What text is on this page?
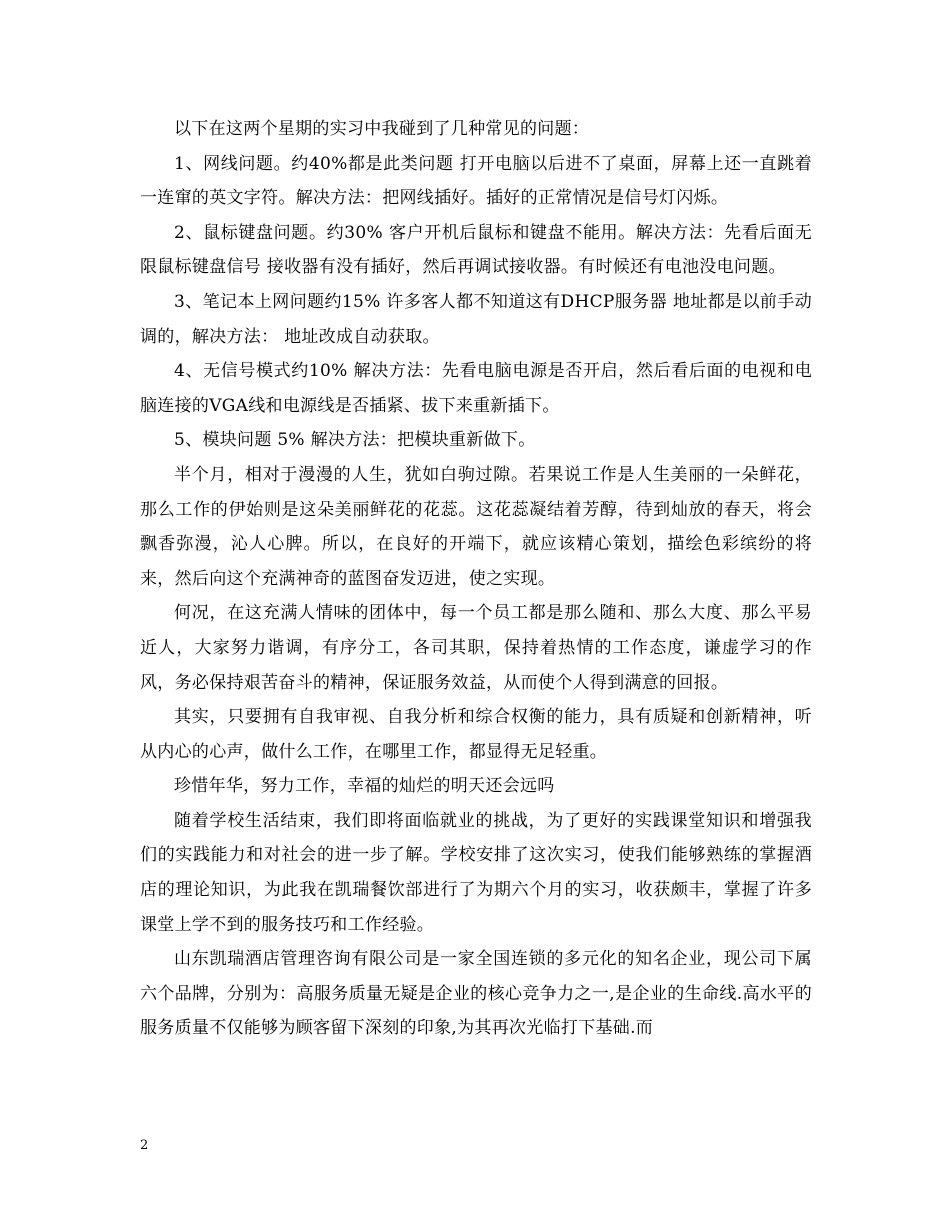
以下在这两个星期的实习中我碰到了几种常见的问题：

1、网线问题。约40%都是此类问题 打开电脑以后进不了桌面，屏幕上还一直跳着一连窜的英文字符。解决方法：把网线插好。插好的正常情况是信号灯闪烁。

2、鼠标键盘问题。约30% 客户开机后鼠标和键盘不能用。解决方法：先看后面无限鼠标键盘信号 接收器有没有插好，然后再调试接收器。有时候还有电池没电问题。

3、笔记本上网问题约15% 许多客人都不知道这有DHCP服务器 地址都是以前手动调的，解决方法： 地址改成自动获取。

4、无信号模式约10% 解决方法：先看电脑电源是否开启，然后看后面的电视和电脑连接的VGA线和电源线是否插紧、拔下来重新插下。

5、模块问题 5% 解决方法：把模块重新做下。

半个月，相对于漫漫的人生，犹如白驹过隙。若果说工作是人生美丽的一朵鲜花，那么工作的伊始则是这朵美丽鲜花的花蕊。这花蕊凝结着芳醇，待到灿放的春天，将会飘香弥漫，沁人心脾。所以，在良好的开端下，就应该精心策划，描绘色彩缤纷的将来，然后向这个充满神奇的蓝图奋发迈进，使之实现。

何况，在这充满人情味的团体中，每一个员工都是那么随和、那么大度、那么平易近人，大家努力谐调，有序分工，各司其职，保持着热情的工作态度，谦虚学习的作风，务必保持艰苦奋斗的精神，保证服务效益，从而使个人得到满意的回报。

其实，只要拥有自我审视、自我分析和综合权衡的能力，具有质疑和创新精神，听从内心的心声，做什么工作，在哪里工作，都显得无足轻重。

珍惜年华，努力工作，幸福的灿烂的明天还会远吗

随着学校生活结束，我们即将面临就业的挑战，为了更好的实践课堂知识和增强我们的实践能力和对社会的进一步了解。学校安排了这次实习，使我们能够熟练的掌握酒店的理论知识，为此我在凯瑞餐饮部进行了为期六个月的实习，收获颇丰，掌握了许多课堂上学不到的服务技巧和工作经验。

山东凯瑞酒店管理咨询有限公司是一家全国连锁的多元化的知名企业，现公司下属六个品牌，分别为：高服务质量无疑是企业的核心竞争力之一,是企业的生命线.高水平的服务质量不仅能够为顾客留下深刻的印象,为其再次光临打下基础.而

2
